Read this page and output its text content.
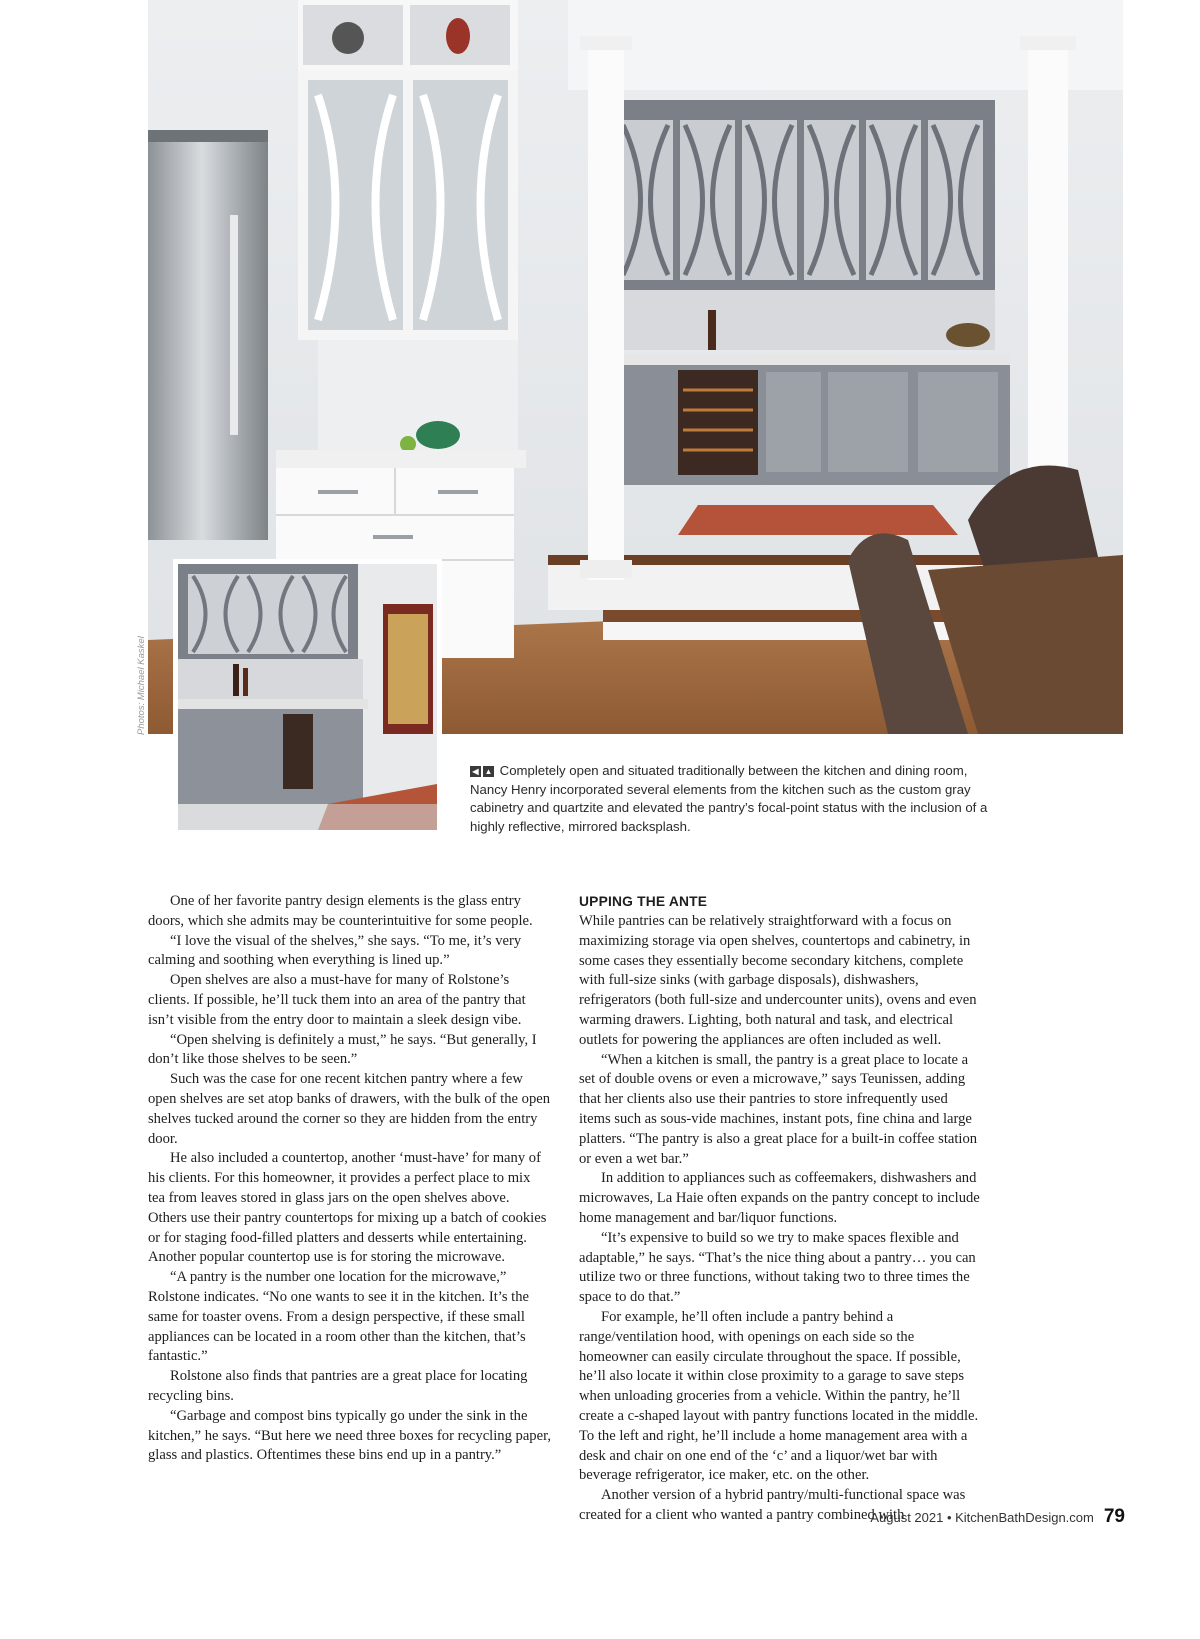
Photos: Michael Kaskel
◀ ▲ Completely open and situated traditionally between the kitchen and dining room, Nancy Henry incorporated several elements from the kitchen such as the custom gray cabinetry and quartzite and elevated the pantry’s focal-point status with the inclusion of a highly reflective, mirrored backsplash.

One of her favorite pantry design elements is the glass entry doors, which she admits may be counterintuitive for some people.

“I love the visual of the shelves,” she says. “To me, it’s very calming and soothing when everything is lined up.”

Open shelves are also a must-have for many of Rolstone’s clients. If possible, he’ll tuck them into an area of the pantry that isn’t visible from the entry door to maintain a sleek design vibe.

“Open shelving is definitely a must,” he says. “But generally, I don’t like those shelves to be seen.”

Such was the case for one recent kitchen pantry where a few open shelves are set atop banks of drawers, with the bulk of the open shelves tucked around the corner so they are hidden from the entry door.

He also included a countertop, another ‘must-have’ for many of his clients. For this homeowner, it provides a perfect place to mix tea from leaves stored in glass jars on the open shelves above. Others use their pantry countertops for mixing up a batch of cookies or for staging food-filled platters and desserts while entertaining. Another popular countertop use is for storing the microwave.

“A pantry is the number one location for the microwave,” Rolstone indicates. “No one wants to see it in the kitchen. It’s the same for toaster ovens. From a design perspective, if these small appliances can be located in a room other than the kitchen, that’s fantastic.”

Rolstone also finds that pantries are a great place for locating recycling bins.

“Garbage and compost bins typically go under the sink in the kitchen,” he says. “But here we need three boxes for recycling paper, glass and plastics. Oftentimes these bins end up in a pantry.”

UPPING THE ANTE

While pantries can be relatively straightforward with a focus on maximizing storage via open shelves, countertops and cabinetry, in some cases they essentially become secondary kitchens, complete with full-size sinks (with garbage disposals), dishwashers, refrigerators (both full-size and undercounter units), ovens and even warming drawers. Lighting, both natural and task, and electrical outlets for powering the appliances are often included as well.

“When a kitchen is small, the pantry is a great place to locate a set of double ovens or even a microwave,” says Teunissen, adding that her clients also use their pantries to store infrequently used items such as sous-vide machines, instant pots, fine china and large platters. “The pantry is also a great place for a built-in coffee station or even a wet bar.”

In addition to appliances such as coffeemakers, dishwashers and microwaves, La Haie often expands on the pantry concept to include home management and bar/liquor functions.

“It’s expensive to build so we try to make spaces flexible and adaptable,” he says. “That’s the nice thing about a pantry… you can utilize two or three functions, without taking two to three times the space to do that.”

For example, he’ll often include a pantry behind a range/ventilation hood, with openings on each side so the homeowner can easily circulate throughout the space. If possible, he’ll also locate it within close proximity to a garage to save steps when unloading groceries from a vehicle. Within the pantry, he’ll create a c-shaped layout with pantry functions located in the middle. To the left and right, he’ll include a home management area with a desk and chair on one end of the ‘c’ and a liquor/wet bar with beverage refrigerator, ice maker, etc. on the other.

Another version of a hybrid pantry/multi-functional space was created for a client who wanted a pantry combined with

August 2021 • KitchenBathDesign.com 79
